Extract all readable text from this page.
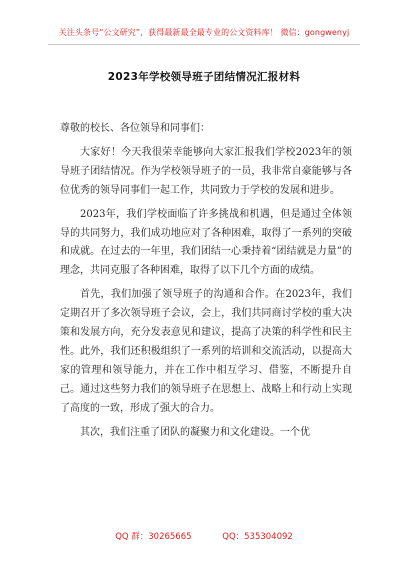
关注头条号“公文研究”，获得最新最全最专业的公文资料库！ 微信：gongwenyj
2023年学校领导班子团结情况汇报材料

尊敬的校长、各位领导和同事们：

大家好！今天我很荣幸能够向大家汇报我们学校2023年的领导班子团结情况。作为学校领导班子的一员，我非常自豪能够与各位优秀的领导同事们一起工作，共同致力于学校的发展和进步。

2023年，我们学校面临了许多挑战和机遇，但是通过全体领导的共同努力，我们成功地应对了各种困难，取得了一系列的突破和成就。在过去的一年里，我们团结一心秉持着“团结就是力量”的理念，共同克服了各种困难，取得了以下几个方面的成绩。

首先，我们加强了领导班子的沟通和合作。在2023年，我们定期召开了多次领导班子会议，会上，我们共同商讨学校的重大决策和发展方向，充分发表意见和建议，提高了决策的科学性和民主性。此外，我们还积极组织了一系列的培训和交流活动，以提高大家的管理和领导能力，并在工作中相互学习、借鉴，不断提升自己。通过这些努力我们的领导班子在思想上、战略上和行动上实现了高度的一致，形成了强大的合力。

其次，我们注重了团队的凝聚力和文化建设。一个优

QQ 群：30265665	QQ：535304092
